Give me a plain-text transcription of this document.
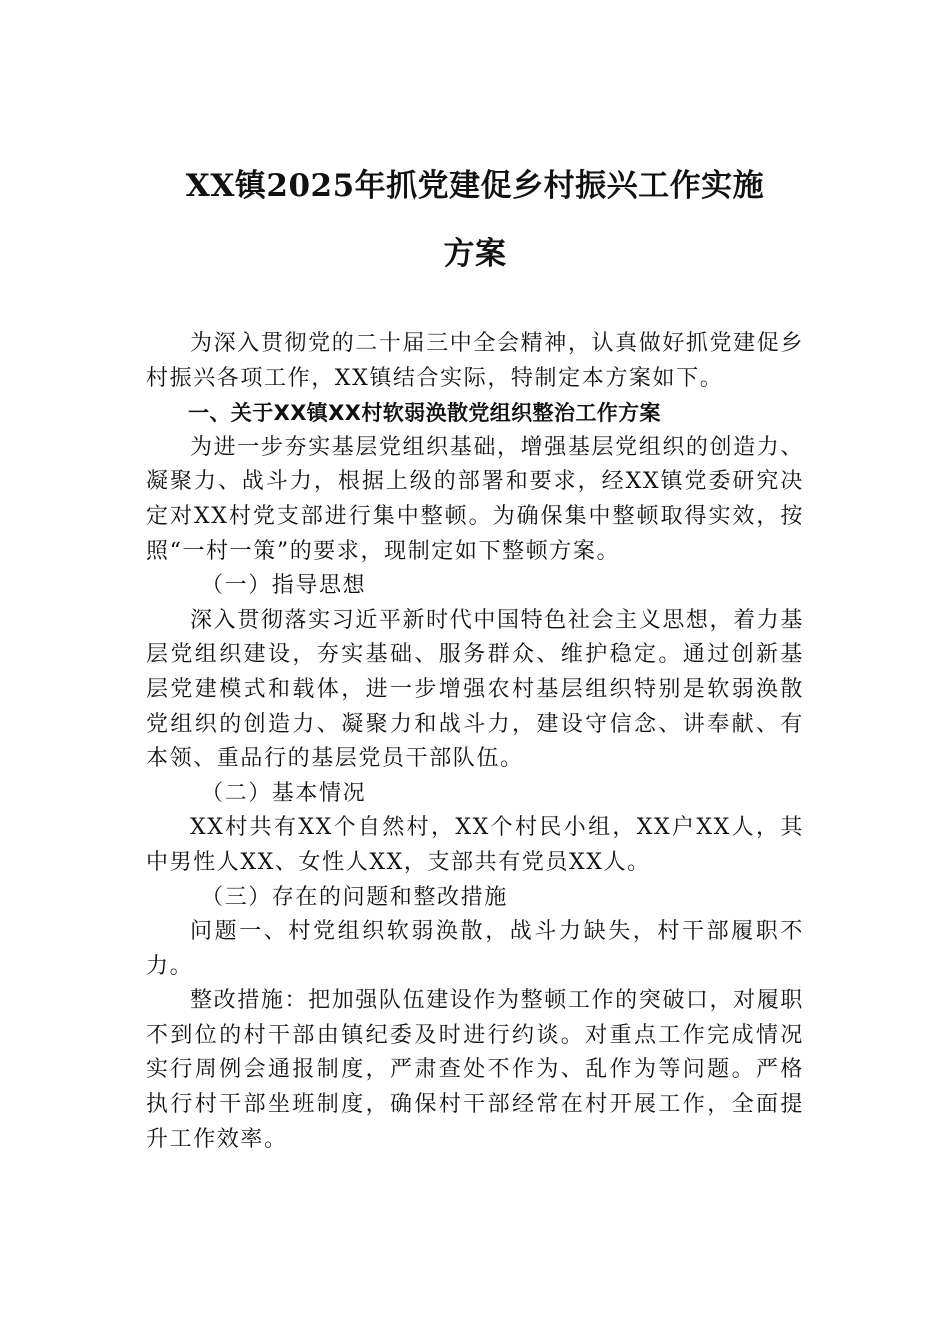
XX镇2025年抓党建促乡村振兴工作实施
方案

为深入贯彻党的二十届三中全会精神，认真做好抓党建促乡村振兴各项工作，XX镇结合实际，特制定本方案如下。

一、关于XX镇XX村软弱涣散党组织整治工作方案

为进一步夯实基层党组织基础，增强基层党组织的创造力、凝聚力、战斗力，根据上级的部署和要求，经XX镇党委研究决定对XX村党支部进行集中整顿。为确保集中整顿取得实效，按照“一村一策”的要求，现制定如下整顿方案。

（一）指导思想

深入贯彻落实习近平新时代中国特色社会主义思想，着力基层党组织建设，夯实基础、服务群众、维护稳定。通过创新基层党建模式和载体，进一步增强农村基层组织特别是软弱涣散党组织的创造力、凝聚力和战斗力，建设守信念、讲奉献、有本领、重品行的基层党员干部队伍。

（二）基本情况

XX村共有XX个自然村，XX个村民小组，XX户XX人，其中男性人XX、女性人XX，支部共有党员XX人。

（三）存在的问题和整改措施

问题一、村党组织软弱涣散，战斗力缺失，村干部履职不力。

整改措施：把加强队伍建设作为整顿工作的突破口，对履职不到位的村干部由镇纪委及时进行约谈。对重点工作完成情况实行周例会通报制度，严肃查处不作为、乱作为等问题。严格执行村干部坐班制度，确保村干部经常在村开展工作，全面提升工作效率。
